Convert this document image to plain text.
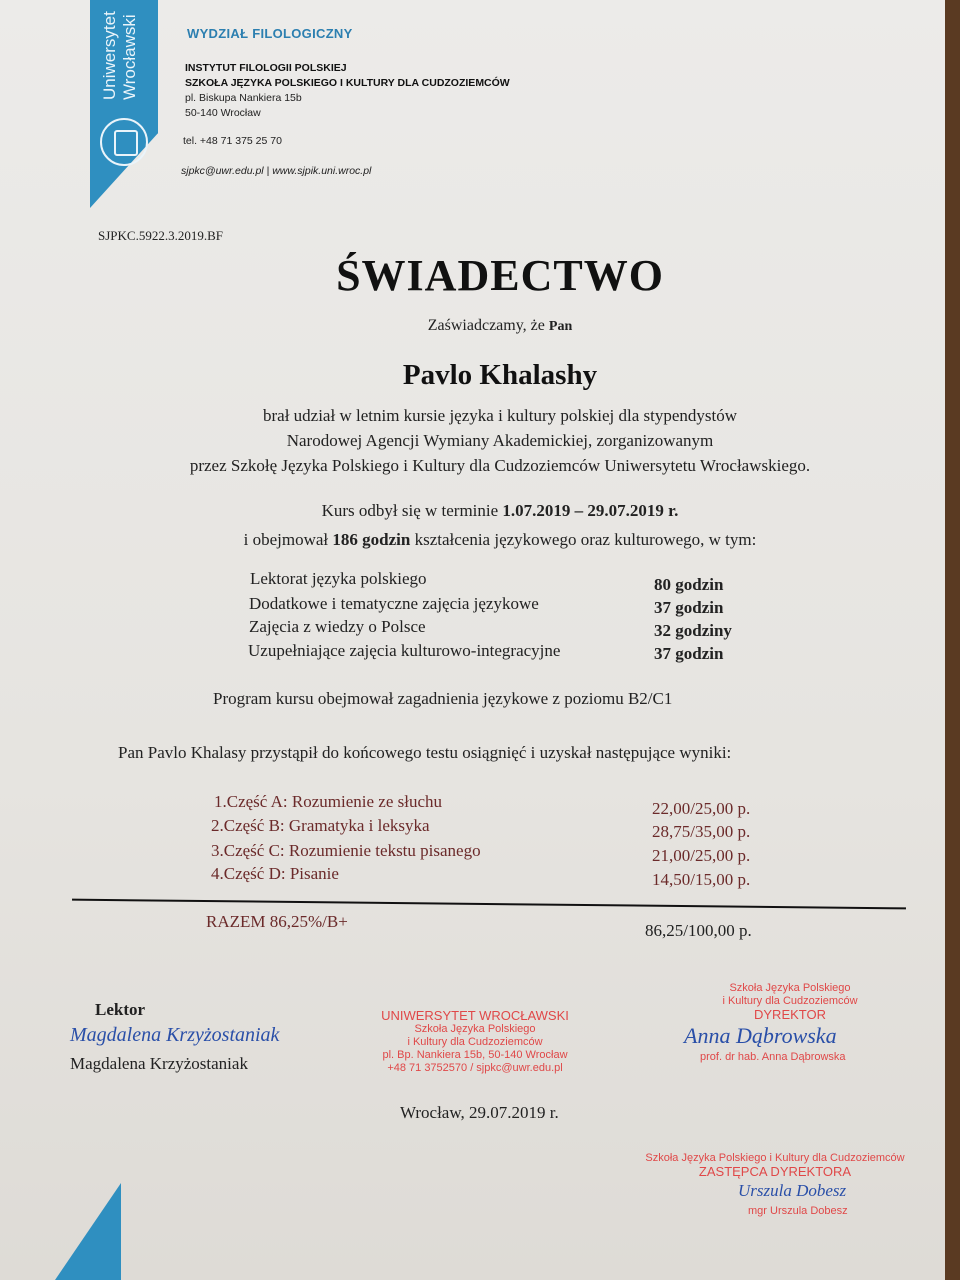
Uniwersytet Wrocławski	WYDZIAŁ FILOLOGICZNY
INSTYTUT FILOLOGII POLSKIEJ
SZKOŁA JĘZYKA POLSKIEGO I KULTURY DLA CUDZOZIEMCÓW
pl. Biskupa Nankiera 15b
50-140 Wrocław
tel. +48 71 375 25 70
sjpkc@uwr.edu.pl | www.sjpik.uni.wroc.pl
SJPKC.5922.3.2019.BF
ŚWIADECTWO
Zaświadczamy, że Pan
Pavlo Khalashy
brał udział w letnim kursie języka i kultury polskiej dla stypendystów
Narodowej Agencji Wymiany Akademickiej, zorganizowanym
przez Szkołę Języka Polskiego i Kultury dla Cudzoziemców Uniwersytetu Wrocławskiego.
Kurs odbył się w terminie 1.07.2019 – 29.07.2019 r.
i obejmował 186 godzin kształcenia językowego oraz kulturowego, w tym:
Lektorat języka polskiego	80 godzin
Dodatkowe i tematyczne zajęcia językowe	37 godzin
Zajęcia z wiedzy o Polsce	32 godziny
Uzupełniające zajęcia kulturowo-integracyjne	37 godzin
Program kursu obejmował zagadnienia językowe z poziomu B2/C1
Pan Pavlo Khalasy przystąpił do końcowego testu osiągnięć i uzyskał następujące wyniki:
1.Część A: Rozumienie ze słuchu	22,00/25,00 p.
2.Część B: Gramatyka i leksyka	28,75/35,00 p.
3.Część C: Rozumienie tekstu pisanego	21,00/25,00 p.
4.Część D: Pisanie	14,50/15,00 p.
RAZEM 86,25%/B+	86,25/100,00 p.
Lektor
Magdalena Krzyżostaniak
Magdalena Krzyżostaniak
UNIWERSYTET WROCŁAWSKI
Szkoła Języka Polskiego
i Kultury dla Cudzoziemców
pl. Bp. Nankiera 15b, 50-140 Wrocław
+48 71 3752570 / sjpkc@uwr.edu.pl
Szkoła Języka Polskiego
i Kultury dla Cudzoziemców
DYREKTOR
Anna Dąbrowska
prof. dr hab. Anna Dąbrowska
Wrocław, 29.07.2019 r.
Szkoła Języka Polskiego i Kultury dla Cudzoziemców
ZASTĘPCA DYREKTORA
Urszula Dobesz
mgr Urszula Dobesz
